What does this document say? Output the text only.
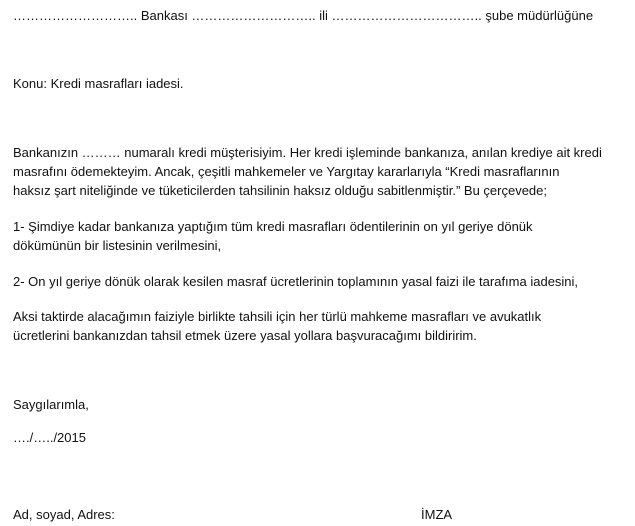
……………………….. Bankası ……………………….. ili …………………………….. şube müdürlüğüne
Konu: Kredi masrafları iadesi.
Bankanızın ……… numaralı kredi müşterisiyim. Her kredi işleminde bankanıza, anılan krediye ait kredi
masrafını ödemekteyim. Ancak, çeşitli mahkemeler ve Yargıtay kararlarıyla “Kredi masraflarının
haksız şart niteliğinde ve tüketicilerden tahsilinin haksız olduğu sabitlenmiştir.” Bu çerçevede;
1- Şimdiye kadar bankanıza yaptığım tüm kredi masrafları ödentilerinin on yıl geriye dönük
dökümünün bir listesinin verilmesini,
2- On yıl geriye dönük olarak kesilen masraf ücretlerinin toplamının yasal faizi ile tarafıma iadesini,
Aksi taktirde alacağımın faiziyle birlikte tahsili için her türlü mahkeme masrafları ve avukatlık
ücretlerini bankanızdan tahsil etmek üzere yasal yollara başvuracağımı bildiririm.
Saygılarımla,
…./…../2015
Ad, soyad, Adres:	İMZA
